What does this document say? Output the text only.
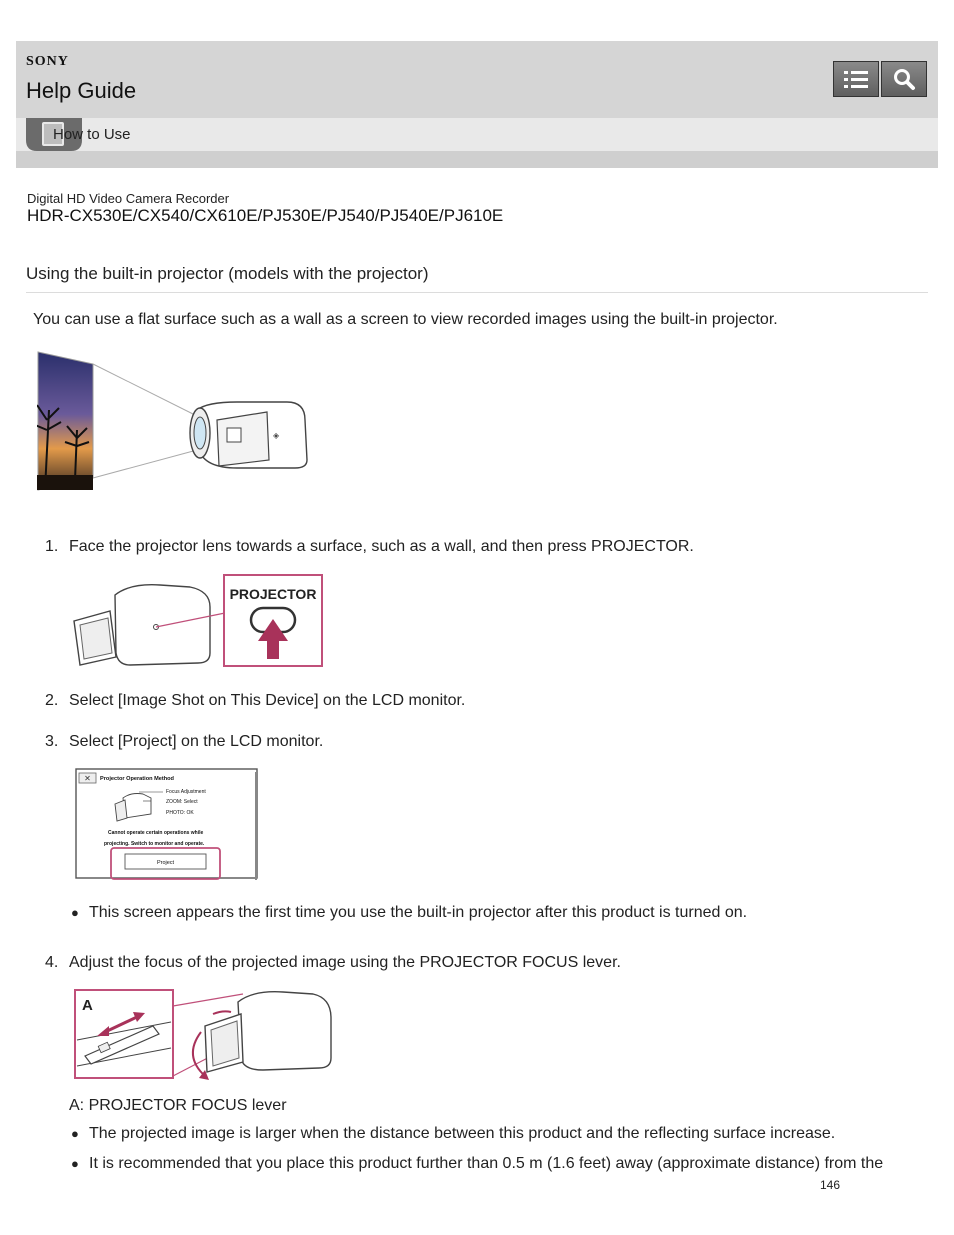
SONY
Help Guide
How to Use
Digital HD Video Camera Recorder
HDR-CX530E/CX540/CX610E/PJ530E/PJ540/PJ540E/PJ610E
Using the built-in projector (models with the projector)
You can use a flat surface such as a wall as a screen to view recorded images using the built-in projector.
◈
1. Face the projector lens towards a surface, such as a wall, and then press PROJECTOR.
PROJECTOR
2. Select [Image Shot on This Device] on the LCD monitor.
3. Select [Project] on the LCD monitor.
✕ Projector Operation Method
Focus Adjustment
ZOOM: Select
PHOTO: OK
Cannot operate certain operations while
projecting. Switch to monitor and operate.
Project
● This screen appears the first time you use the built-in projector after this product is turned on.
4. Adjust the focus of the projected image using the PROJECTOR FOCUS lever.
A
A: PROJECTOR FOCUS lever
● The projected image is larger when the distance between this product and the reflecting surface increase.
● It is recommended that you place this product further than 0.5 m (1.6 feet) away (approximate distance) from the
146
